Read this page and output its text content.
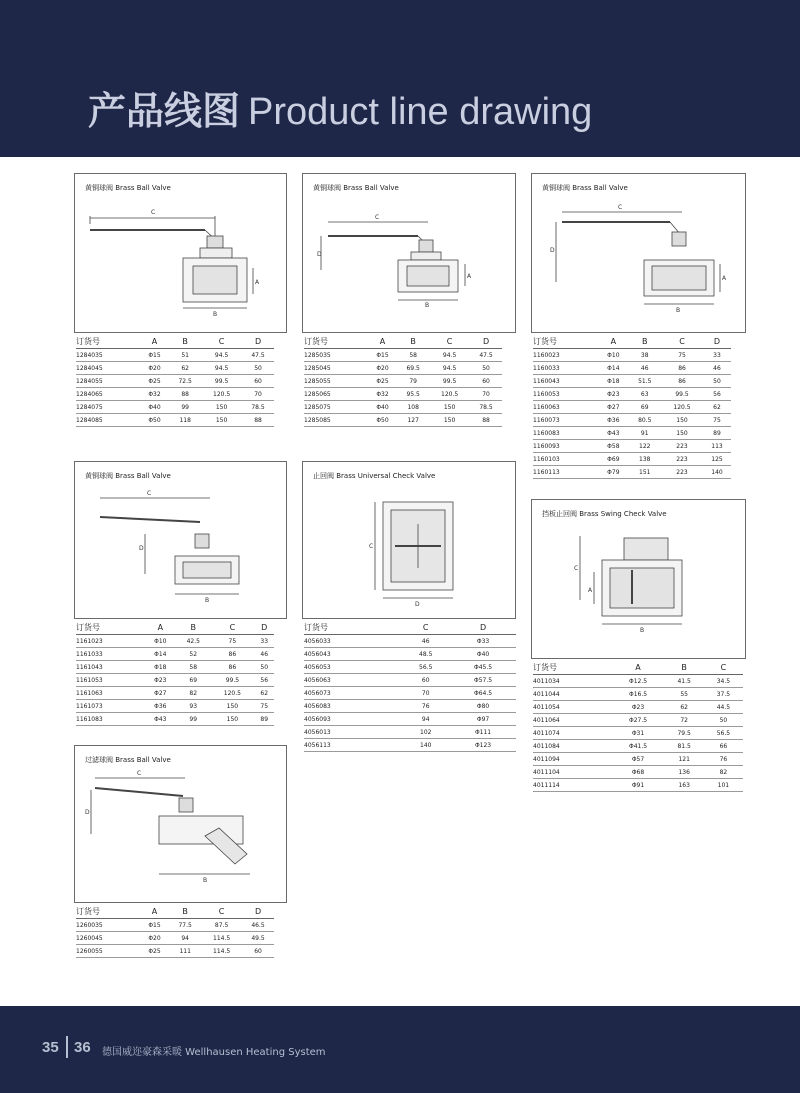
产品线图 Product line drawing
黄铜球阀 Brass Ball Valve
C
A
B
订货号	A	B	C	D
1284035	Φ15	51	94.5	47.5
1284045	Φ20	62	94.5	50
1284055	Φ25	72.5	99.5	60
1284065	Φ32	88	120.5	70
1284075	Φ40	99	150	78.5
1284085	Φ50	118	150	88
黄铜球阀 Brass Ball Valve
C
D
A
B
订货号	A	B	C	D
1285035	Φ15	58	94.5	47.5
1285045	Φ20	69.5	94.5	50
1285055	Φ25	79	99.5	60
1285065	Φ32	95.5	120.5	70
1285075	Φ40	108	150	78.5
1285085	Φ50	127	150	88
黄铜球阀 Brass Ball Valve
C
D
A
B
订货号	A	B	C	D
1160023	Φ10	38	75	33
1160033	Φ14	46	86	46
1160043	Φ18	51.5	86	50
1160053	Φ23	63	99.5	56
1160063	Φ27	69	120.5	62
1160073	Φ36	80.5	150	75
1160083	Φ43	91	150	89
1160093	Φ58	122	223	113
1160103	Φ69	138	223	125
1160113	Φ79	151	223	140
黄铜球阀 Brass Ball Valve
C
D
B
订货号	A	B	C	D
1161023	Φ10	42.5	75	33
1161033	Φ14	52	86	46
1161043	Φ18	58	86	50
1161053	Φ23	69	99.5	56
1161063	Φ27	82	120.5	62
1161073	Φ36	93	150	75
1161083	Φ43	99	150	89
止回阀 Brass Universal Check Valve
C
D
订货号	C	D
4056033	46	Φ33
4056043	48.5	Φ40
4056053	56.5	Φ45.5
4056063	60	Φ57.5
4056073	70	Φ64.5
4056083	76	Φ80
4056093	94	Φ97
4056013	102	Φ111
4056113	140	Φ123
挡板止回阀 Brass Swing Check Valve
C
A
B
订货号	A	B	C
4011034	Φ12.5	41.5	34.5
4011044	Φ16.5	55	37.5
4011054	Φ23	62	44.5
4011064	Φ27.5	72	50
4011074	Φ31	79.5	56.5
4011084	Φ41.5	81.5	66
4011094	Φ57	121	76
4011104	Φ68	136	82
4011114	Φ91	163	101
过滤球阀 Brass Ball Valve
C
D
B
订货号	A	B	C	D
1260035	Φ15	77.5	87.5	46.5
1260045	Φ20	94	114.5	49.5
1260055	Φ25	111	114.5	60
35 36 德国威迩豪森采暖 Wellhausen Heating System
